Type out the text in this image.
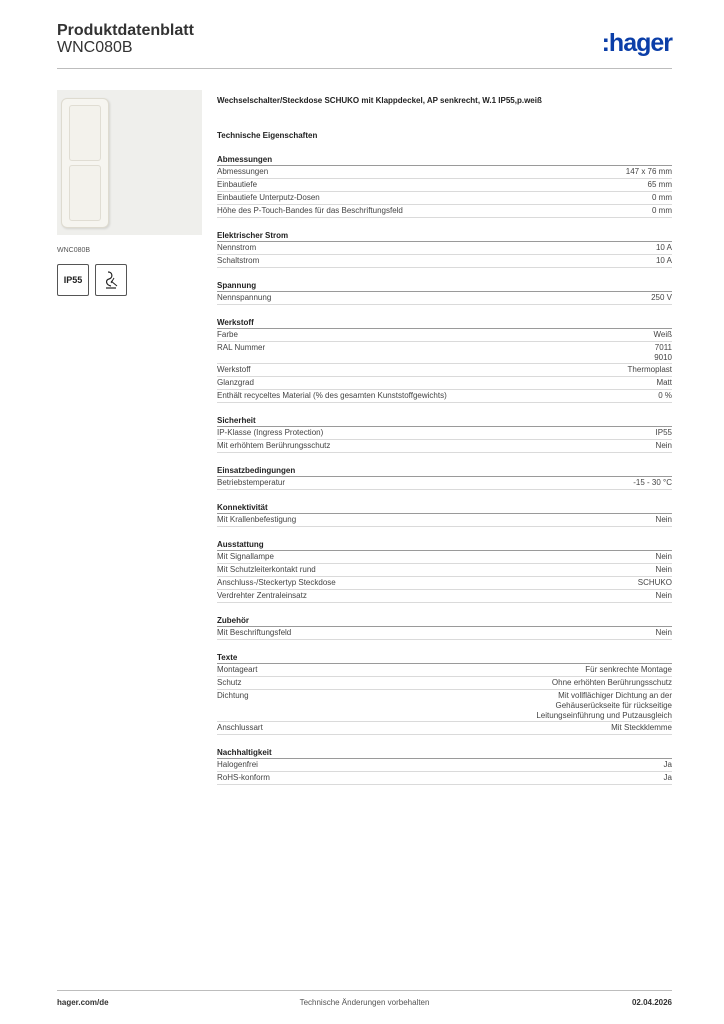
Produktdatenblatt
WNC080B	:hager
WNC080B
IP55
Wechselschalter/Steckdose SCHUKO mit Klappdeckel, AP senkrecht, W.1 IP55,p.weiß
Technische Eigenschaften
Abmessungen
Abmessungen	147 x 76 mm
Einbautiefe	65 mm
Einbautiefe Unterputz-Dosen	0 mm
Höhe des P-Touch-Bandes für das Beschriftungsfeld	0 mm
Elektrischer Strom
Nennstrom	10 A
Schaltstrom	10 A
Spannung
Nennspannung	250 V
Werkstoff
Farbe	Weiß
RAL Nummer	7011
9010
Werkstoff	Thermoplast
Glanzgrad	Matt
Enthält recyceltes Material (% des gesamten Kunststoffgewichts)	0 %
Sicherheit
IP-Klasse (Ingress Protection)	IP55
Mit erhöhtem Berührungsschutz	Nein
Einsatzbedingungen
Betriebstemperatur	-15 - 30 °C
Konnektivität
Mit Krallenbefestigung	Nein
Ausstattung
Mit Signallampe	Nein
Mit Schutzleiterkontakt rund	Nein
Anschluss-/Steckertyp Steckdose	SCHUKO
Verdrehter Zentraleinsatz	Nein
Zubehör
Mit Beschriftungsfeld	Nein
Texte
Montageart	Für senkrechte Montage
Schutz	Ohne erhöhten Berührungsschutz
Dichtung	Mit vollflächiger Dichtung an der
Gehäuserückseite für rückseitige
Leitungseinführung und Putzausgleich
Anschlussart	Mit Steckklemme
Nachhaltigkeit
Halogenfrei	Ja
RoHS-konform	Ja
hager.com/de	Technische Änderungen vorbehalten	02.04.2026
